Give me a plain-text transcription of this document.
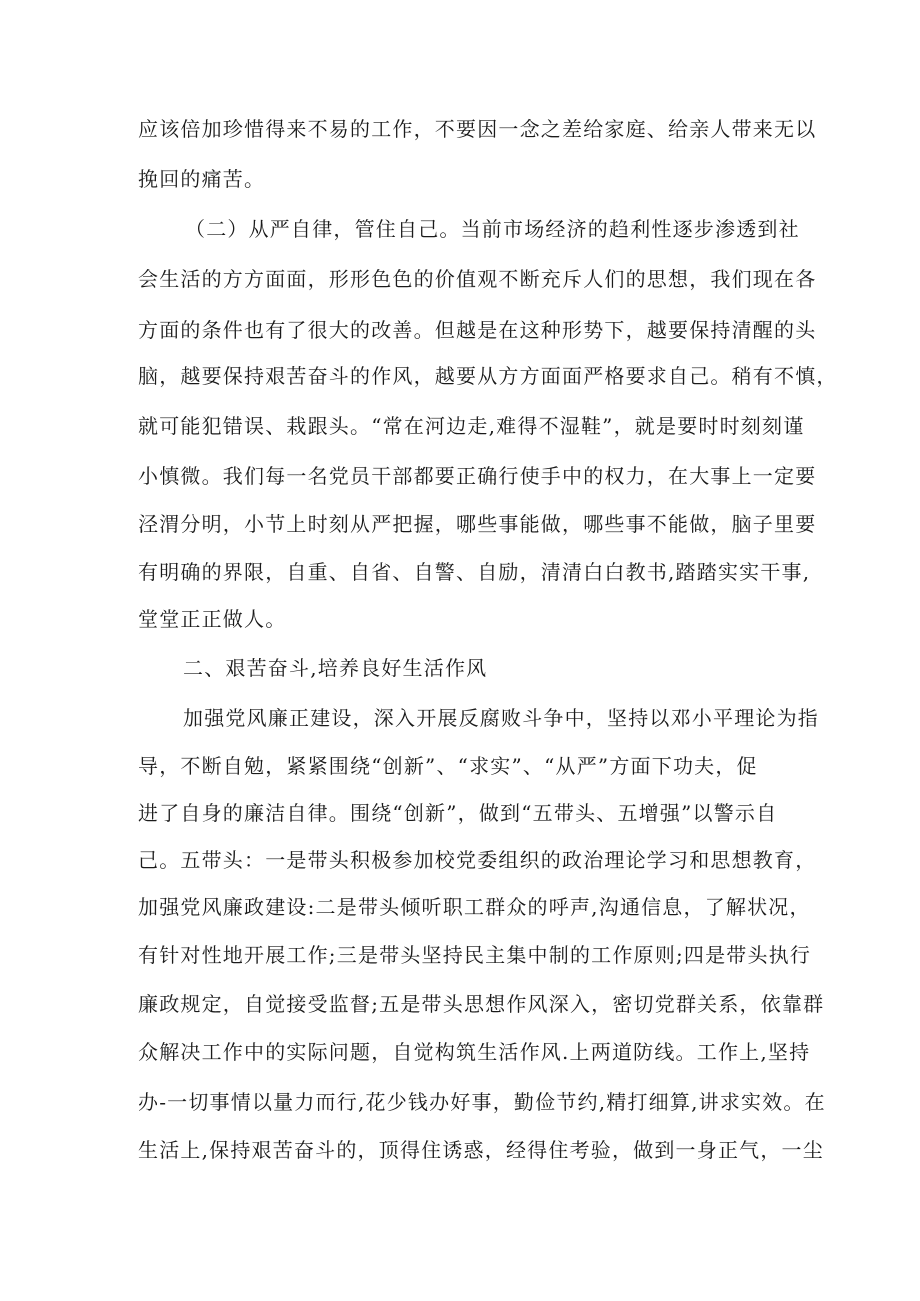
应该倍加珍惜得来不易的工作，不要因一念之差给家庭、给亲人带来无以

挽回的痛苦。

（二）从严自律，管住自己。当前市场经济的趋利性逐步渗透到社

会生活的方方面面，形形色色的价值观不断充斥人们的思想，我们现在各

方面的条件也有了很大的改善。但越是在这种形势下，越要保持清醒的头

脑，越要保持艰苦奋斗的作风，越要从方方面面严格要求自己。稍有不慎，

就可能犯错误、栽跟头。“常在河边走,难得不湿鞋”，就是要时时刻刻谨

小慎微。我们每一名党员干部都要正确行使手中的权力，在大事上一定要

泾渭分明，小节上时刻从严把握，哪些事能做，哪些事不能做，脑子里要

有明确的界限，自重、自省、自警、自励，清清白白教书,踏踏实实干事,

堂堂正正做人。

二、艰苦奋斗,培养良好生活作风

加强党风廉正建设，深入开展反腐败斗争中，坚持以邓小平理论为指

导，不断自勉，紧紧围绕“创新”、“求实”、“从严”方面下功夫，促

进了自身的廉洁自律。围绕“创新”，做到“五带头、五增强”以警示自

己。五带头：一是带头积极参加校党委组织的政治理论学习和思想教育，

加强党风廉政建设:二是带头倾听职工群众的呼声,沟通信息，了解状况，

有针对性地开展工作;三是带头坚持民主集中制的工作原则;四是带头执行

廉政规定，自觉接受监督;五是带头思想作风深入，密切党群关系，依靠群

众解决工作中的实际问题，自觉构筑生活作风.上两道防线。工作上,坚持

办-一切事情以量力而行,花少钱办好事，勤俭节约,精打细算,讲求实效。在

生活上,保持艰苦奋斗的，顶得住诱惑，经得住考验，做到一身正气，一尘
